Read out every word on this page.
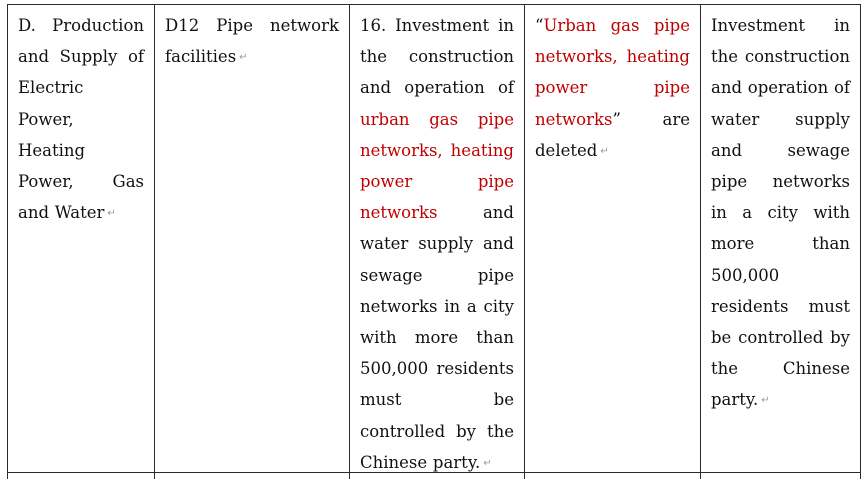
D. Production and Supply of Electric Power, Heating Power, Gas and Water ↵	D12 Pipe network facilities ↵	16. Investment in the construction and operation of urban gas pipe networks, heating power pipe networks and water supply and sewage pipe networks in a city with more than 500,000 residents must be controlled by the Chinese party. ↵	“Urban gas pipe networks, heating power pipe networks” are deleted ↵	Investment in the construction and operation of water supply and sewage pipe networks in a city with more than 500,000 residents must be controlled by the Chinese party. ↵
